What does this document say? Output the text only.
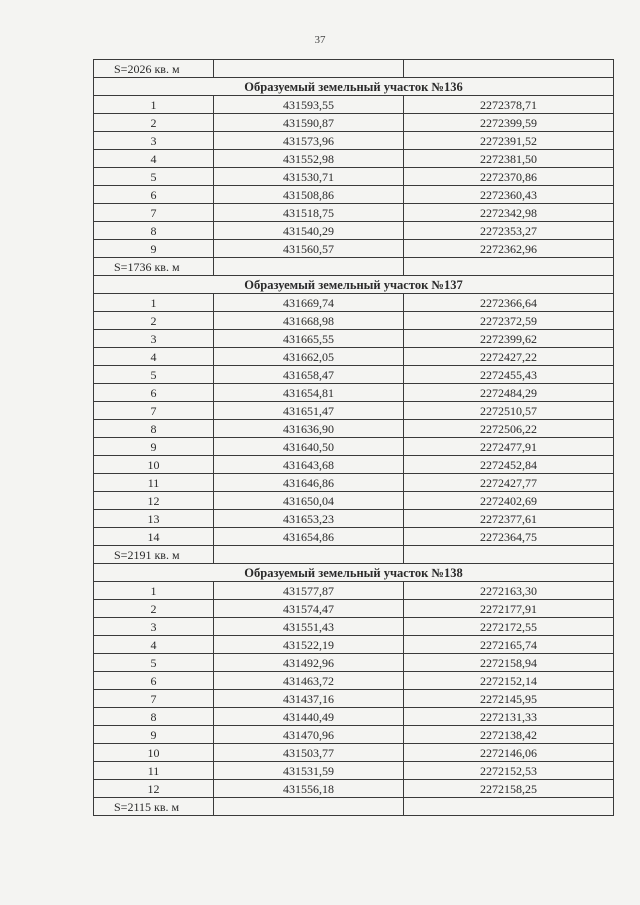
37
S=2026 кв. м		
Образуемый земельный участок №136		
1	431593,55	2272378,71
2	431590,87	2272399,59
3	431573,96	2272391,52
4	431552,98	2272381,50
5	431530,71	2272370,86
6	431508,86	2272360,43
7	431518,75	2272342,98
8	431540,29	2272353,27
9	431560,57	2272362,96
S=1736 кв. м		
Образуемый земельный участок №137		
1	431669,74	2272366,64
2	431668,98	2272372,59
3	431665,55	2272399,62
4	431662,05	2272427,22
5	431658,47	2272455,43
6	431654,81	2272484,29
7	431651,47	2272510,57
8	431636,90	2272506,22
9	431640,50	2272477,91
10	431643,68	2272452,84
11	431646,86	2272427,77
12	431650,04	2272402,69
13	431653,23	2272377,61
14	431654,86	2272364,75
S=2191 кв. м		
Образуемый земельный участок №138		
1	431577,87	2272163,30
2	431574,47	2272177,91
3	431551,43	2272172,55
4	431522,19	2272165,74
5	431492,96	2272158,94
6	431463,72	2272152,14
7	431437,16	2272145,95
8	431440,49	2272131,33
9	431470,96	2272138,42
10	431503,77	2272146,06
11	431531,59	2272152,53
12	431556,18	2272158,25
S=2115 кв. м		
